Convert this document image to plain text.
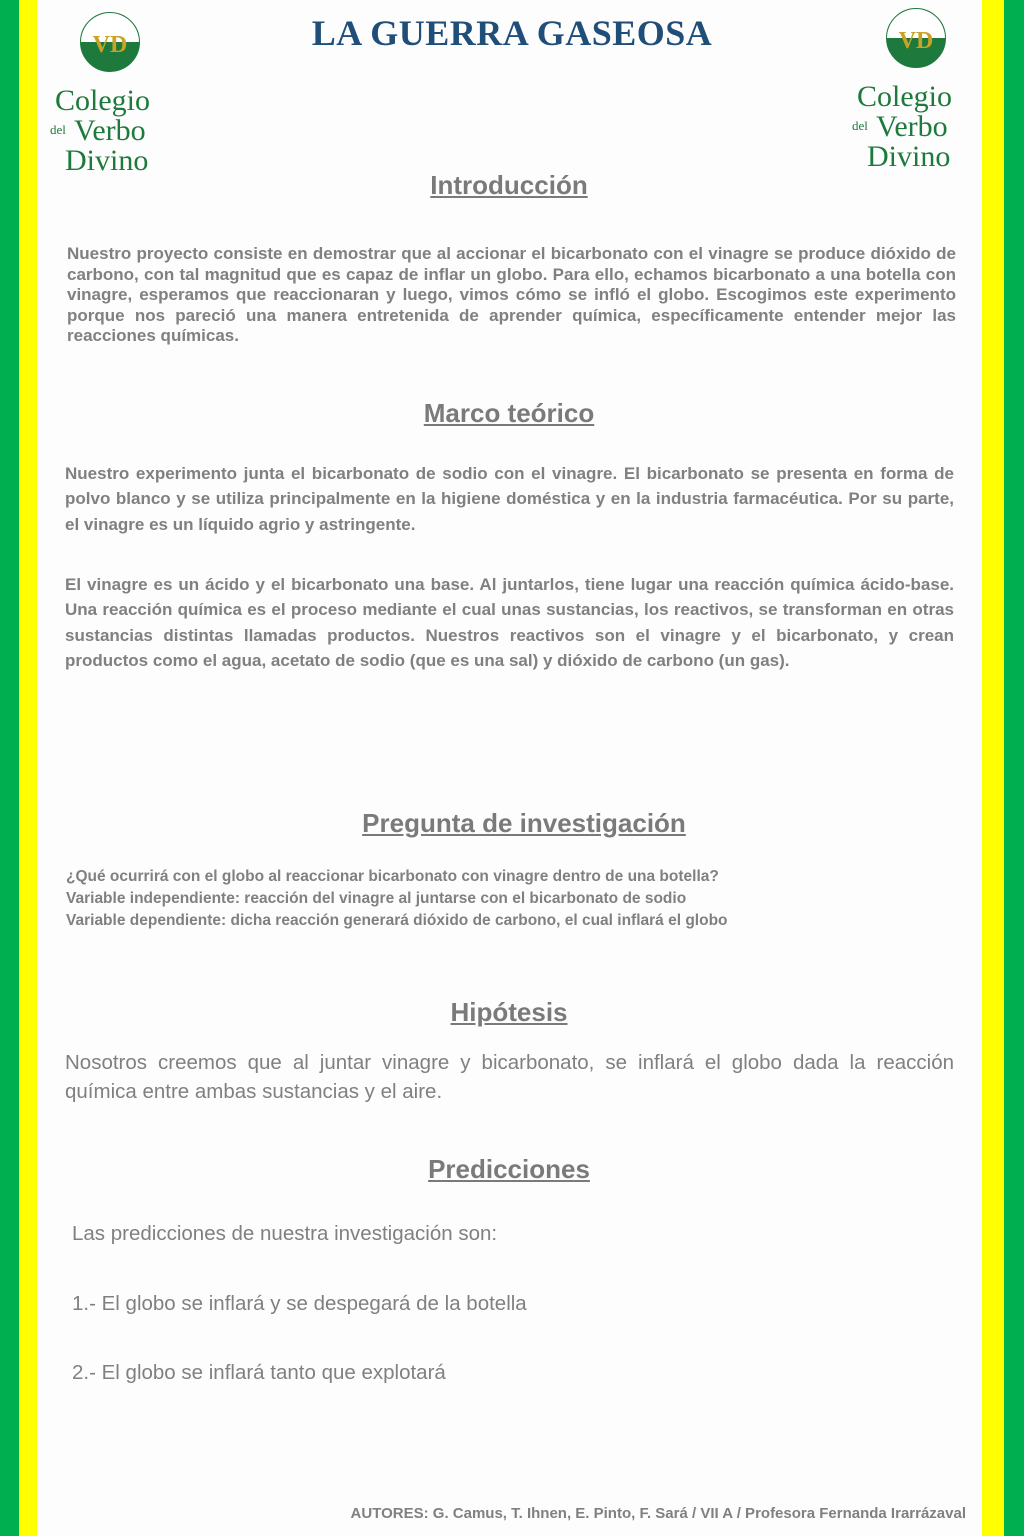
LA GUERRA GASEOSA
VD
Colegio
del Verbo
Divino
VD
Colegio
del Verbo
Divino
Introducción

Nuestro proyecto consiste en demostrar que al accionar el bicarbonato con el vinagre se produce dióxido de carbono, con tal magnitud que es capaz de inflar un globo. Para ello, echamos bicarbonato a una botella con vinagre, esperamos que reaccionaran y luego, vimos cómo se infló el globo. Escogimos este experimento porque nos pareció una manera entretenida de aprender química, específicamente entender mejor las reacciones químicas.

Marco teórico

Nuestro experimento junta el bicarbonato de sodio con el vinagre. El bicarbonato se presenta en forma de polvo blanco y se utiliza principalmente en la higiene doméstica y en la industria farmacéutica. Por su parte, el vinagre es un líquido agrio y astringente.

El vinagre es un ácido y el bicarbonato una base. Al juntarlos, tiene lugar una reacción química ácido-base. Una reacción química es el proceso mediante el cual unas sustancias, los reactivos, se transforman en otras sustancias distintas llamadas productos. Nuestros reactivos son el vinagre y el bicarbonato, y crean productos como el agua, acetato de sodio (que es una sal) y dióxido de carbono (un gas).

Pregunta de investigación

¿Qué ocurrirá con el globo al reaccionar bicarbonato con vinagre dentro de una botella?

Variable independiente: reacción del vinagre al juntarse con el bicarbonato de sodio

Variable dependiente: dicha reacción generará dióxido de carbono, el cual inflará el globo

Hipótesis

Nosotros creemos que al juntar vinagre y bicarbonato, se inflará el globo dada la reacción química entre ambas sustancias y el aire.

Predicciones

Las predicciones de nuestra investigación son:

1.- El globo se inflará y se despegará de la botella

2.- El globo se inflará tanto que explotará

AUTORES: G. Camus, T. Ihnen, E. Pinto, F. Sará / VII A / Profesora Fernanda Irarrázaval
